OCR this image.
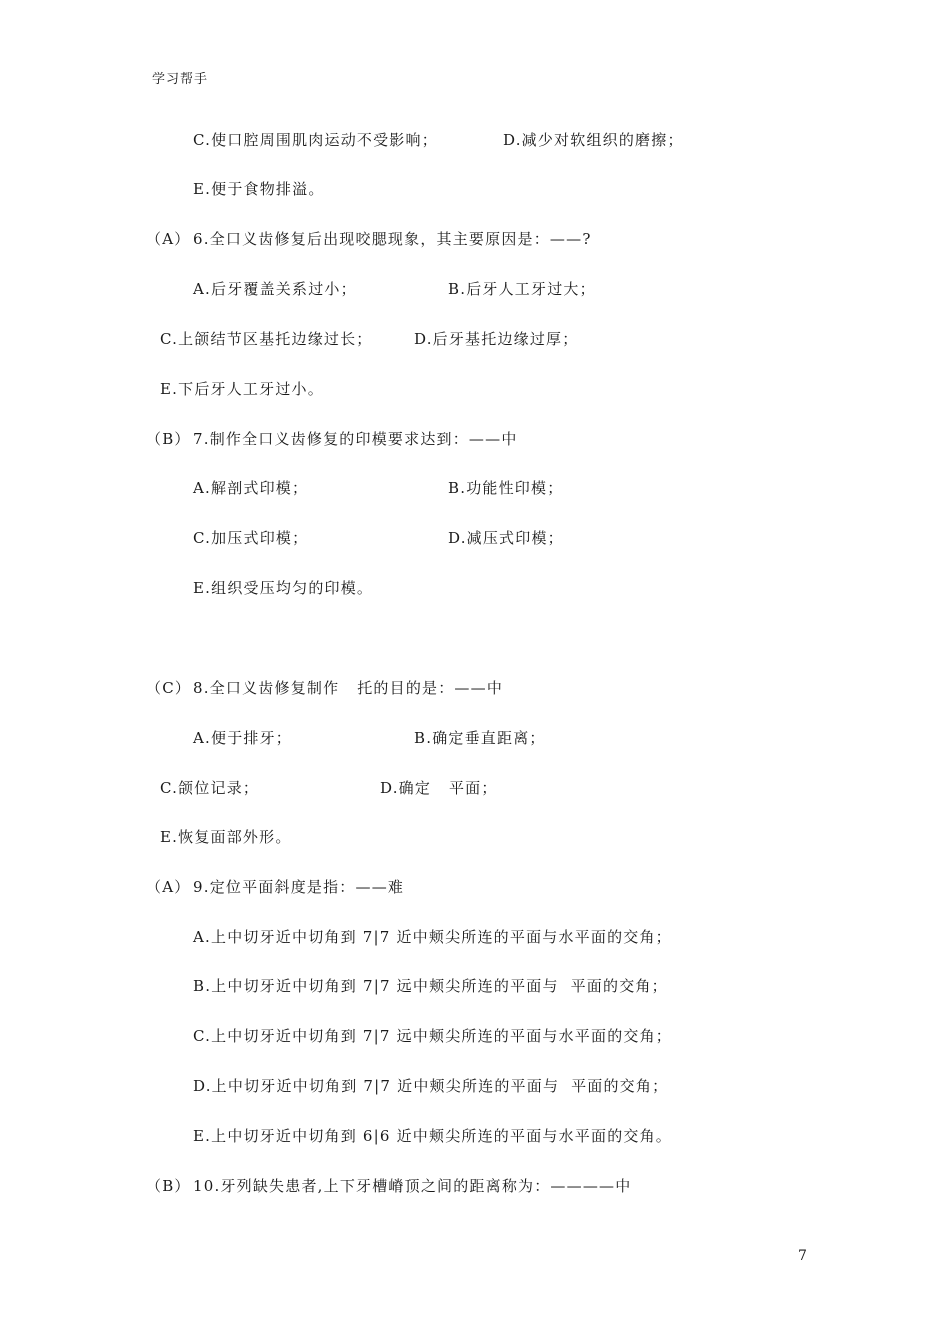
学习帮手
C.使口腔周围肌肉运动不受影响；	D.减少对软组织的磨擦；
E.便于食物排溢。
（A） 6.全口义齿修复后出现咬腮现象，其主要原因是：——?
A.后牙覆盖关系过小；	B.后牙人工牙过大；
C.上颌结节区基托边缘过长；	D.后牙基托边缘过厚；
E.下后牙人工牙过小。
（B） 7.制作全口义齿修复的印模要求达到：——中
A.解剖式印模；	B.功能性印模；
C.加压式印模；	D.减压式印模；
E.组织受压均匀的印模。
（C） 8.全口义齿修复制作   托的目的是：——中
A.便于排牙；	B.确定垂直距离；
C.颌位记录；	D.确定   平面；
E.恢复面部外形。
（A） 9.定位平面斜度是指：——难
A.上中切牙近中切角到 7|7 近中颊尖所连的平面与水平面的交角；
B.上中切牙近中切角到 7|7 远中颊尖所连的平面与  平面的交角；
C.上中切牙近中切角到 7|7 远中颊尖所连的平面与水平面的交角；
D.上中切牙近中切角到 7|7 近中颊尖所连的平面与  平面的交角；
E.上中切牙近中切角到 6|6 近中颊尖所连的平面与水平面的交角。
（B） 10.牙列缺失患者,上下牙槽嵴顶之间的距离称为：————中
7
